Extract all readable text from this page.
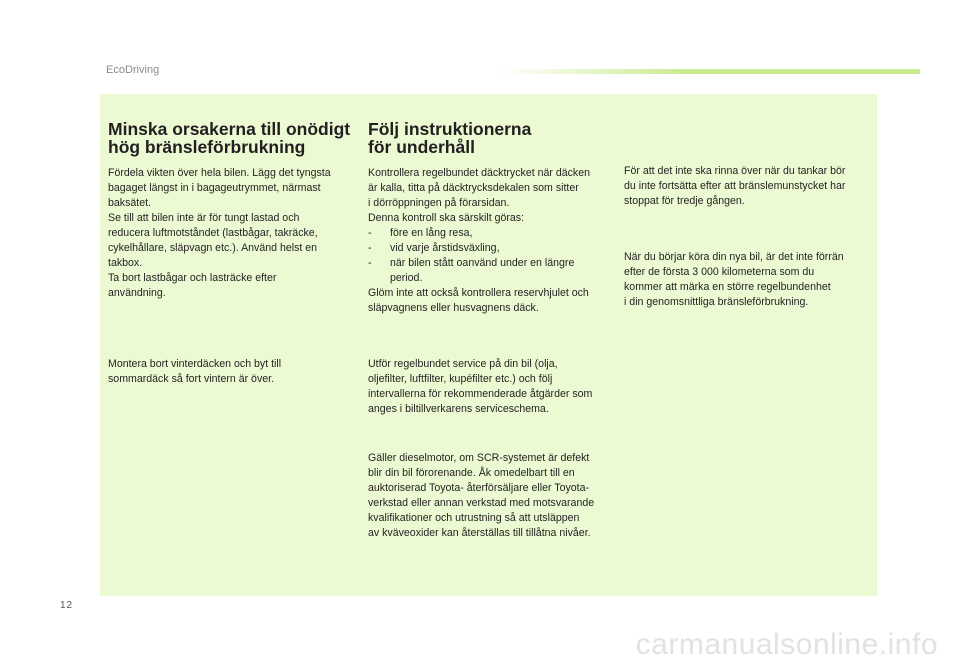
EcoDriving
Minska orsakerna till onödigt
hög bränsleförbrukning

Fördela vikten över hela bilen. Lägg det tyngsta
bagaget längst in i bagageutrymmet, närmast
baksätet.
Se till att bilen inte är för tungt lastad och
reducera luftmotståndet (lastbågar, takräcke,
cykelhållare, släpvagn etc.). Använd helst en
takbox.
Ta bort lastbågar och lasträcke efter
användning.

Montera bort vinterdäcken och byt till
sommardäck så fort vintern är över.

Följ instruktionerna
för underhåll

Kontrollera regelbundet däcktrycket när däcken
är kalla, titta på däcktrycksdekalen som sitter
i dörröppningen på förarsidan.
Denna kontroll ska särskilt göras:

- före en lång resa,
- vid varje årstidsväxling,
- när bilen stått oanvänd under en längre
period.

Glöm inte att också kontrollera reservhjulet och
släpvagnens eller husvagnens däck.

Utför regelbundet service på din bil (olja,
oljefilter, luftfilter, kupéfilter etc.) och följ
intervallerna för rekommenderade åtgärder som
anges i biltillverkarens serviceschema.

Gäller dieselmotor, om SCR-systemet är defekt
blir din bil förorenande. Åk omedelbart till en
auktoriserad Toyota- återförsäljare eller Toyota-
verkstad eller annan verkstad med motsvarande
kvalifikationer och utrustning så att utsläppen
av kväveoxider kan återställas till tillåtna nivåer.

För att det inte ska rinna över när du tankar bör
du inte fortsätta efter att bränslemunstycket har
stoppat för tredje gången.

När du börjar köra din nya bil, är det inte förrän
efter de första 3 000 kilometerna som du
kommer att märka en större regelbundenhet
i din genomsnittliga bränsleförbrukning.

12
carmanualsonline.info
